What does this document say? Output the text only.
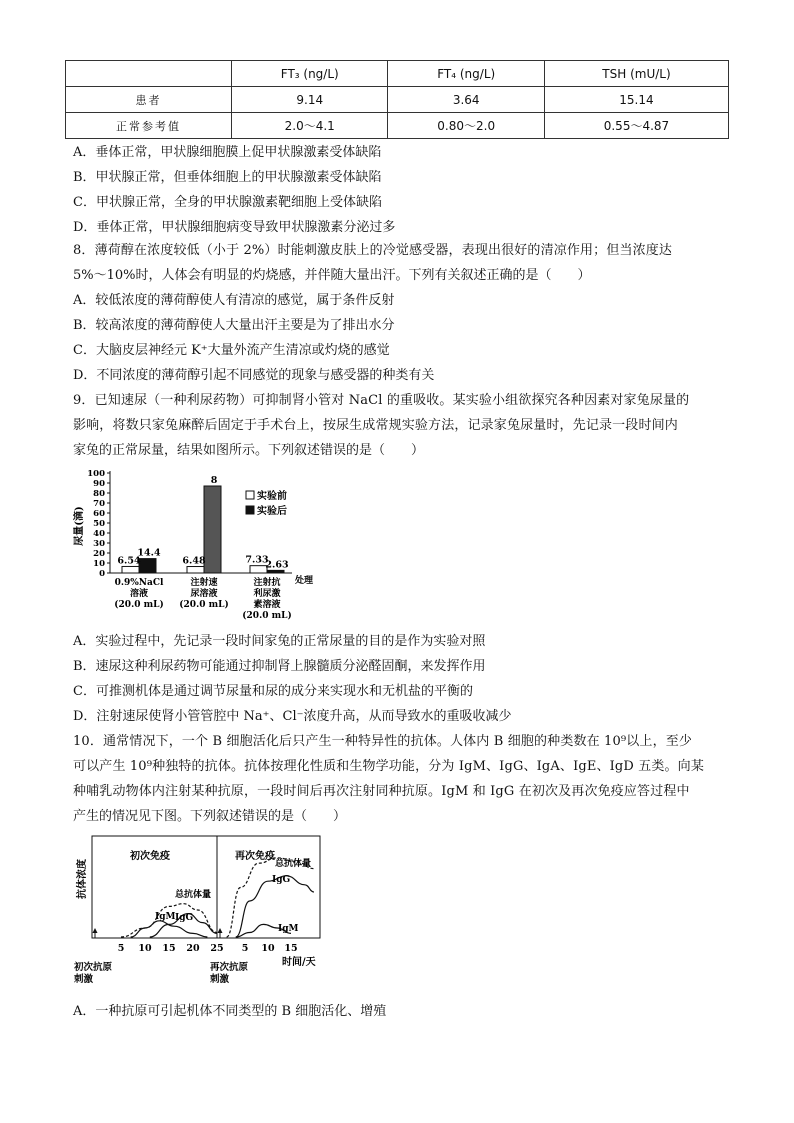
	FT₃ (ng/L)	FT₄ (ng/L)	TSH (mU/L)
患者	9.14	3.64	15.14
正常参考值	2.0～4.1	0.80～2.0	0.55～4.87
A．垂体正常，甲状腺细胞膜上促甲状腺激素受体缺陷
B．甲状腺正常，但垂体细胞上的甲状腺激素受体缺陷
C．甲状腺正常，全身的甲状腺激素靶细胞上受体缺陷
D．垂体正常，甲状腺细胞病变导致甲状腺激素分泌过多
8．薄荷醇在浓度较低（小于 2%）时能刺激皮肤上的冷觉感受器，表现出很好的清凉作用；但当浓度达
5%～10%时，人体会有明显的灼烧感，并伴随大量出汗。下列有关叙述正确的是（　　）
A．较低浓度的薄荷醇使人有清凉的感觉，属于条件反射
B．较高浓度的薄荷醇使人大量出汗主要是为了排出水分
C．大脑皮层神经元 K⁺大量外流产生清凉或灼烧的感觉
D．不同浓度的薄荷醇引起不同感觉的现象与感受器的种类有关
9．已知速尿（一种利尿药物）可抑制肾小管对 NaCl 的重吸收。某实验小组欲探究各种因素对家兔尿量的
影响，将数只家兔麻醉后固定于手术台上，按尿生成常规实验方法，记录家兔尿量时，先记录一段时间内
家兔的正常尿量，结果如图所示。下列叙述错误的是（　　）
尿量(滴)
100
90
80
70
60
50
40
30
20
10
0
6.54
14.4
0.9%NaCl
溶液
(20.0 mL)
6.48
8
注射速
尿溶液
(20.0 mL)
7.33
2.63
注射抗
利尿激
素溶液
(20.0 mL)
实验前
实验后
处理
A．实验过程中，先记录一段时间家兔的正常尿量的目的是作为实验对照
B．速尿这种利尿药物可能通过抑制肾上腺髓质分泌醛固酮，来发挥作用
C．可推测机体是通过调节尿量和尿的成分来实现水和无机盐的平衡的
D．注射速尿使肾小管管腔中 Na⁺、Cl⁻浓度升高，从而导致水的重吸收减少
10．通常情况下，一个 B 细胞活化后只产生一种特异性的抗体。人体内 B 细胞的种类数在 10⁹以上，至少
可以产生 10⁹种独特的抗体。抗体按理化性质和生物学功能，分为 IgM、IgG、IgA、IgE、IgD 五类。向某
种哺乳动物体内注射某种抗原，一段时间后再次注射同种抗原。IgM 和 IgG 在初次及再次免疫应答过程中
产生的情况见下图。下列叙述错误的是（　　）
抗体浓度
初次免疫	再次免疫
5 10 15 20 25 5 10 15
总抗体量
IgM IgG
总抗体量
IgG
IgM
时间/天
初次抗原刺激
再次抗原刺激
A．一种抗原可引起机体不同类型的 B 细胞活化、增殖
